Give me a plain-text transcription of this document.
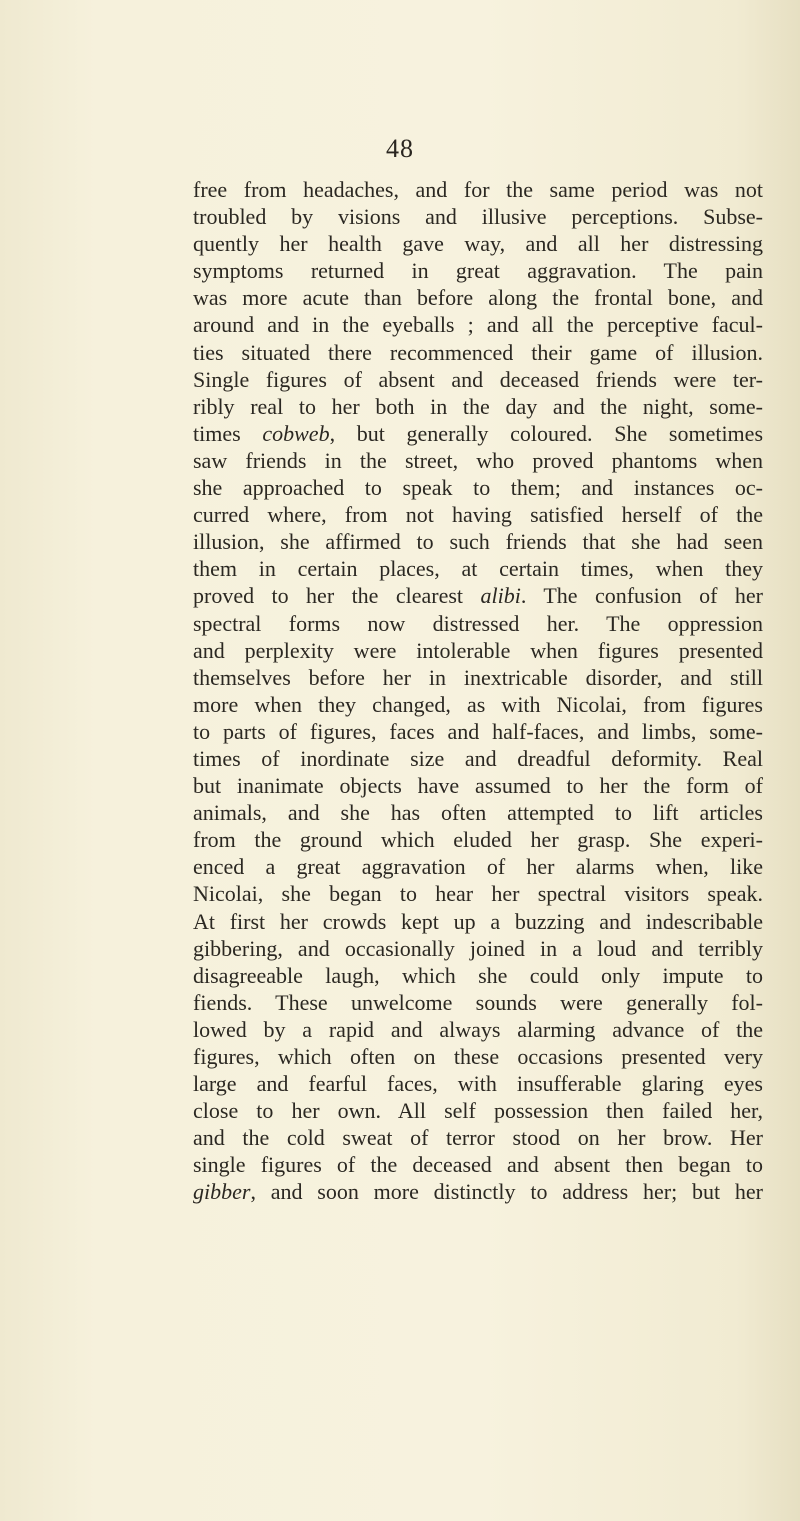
48
free from headaches, and for the same period was not
troubled by visions and illusive perceptions. Subse-
quently her health gave way, and all her distressing
symptoms returned in great aggravation. The pain
was more acute than before along the frontal bone, and
around and in the eyeballs ; and all the perceptive facul-
ties situated there recommenced their game of illusion.
Single figures of absent and deceased friends were ter-
ribly real to her both in the day and the night, some-
times cobweb, but generally coloured. She sometimes
saw friends in the street, who proved phantoms when
she approached to speak to them; and instances oc-
curred where, from not having satisfied herself of the
illusion, she affirmed to such friends that she had seen
them in certain places, at certain times, when they
proved to her the clearest alibi. The confusion of her
spectral forms now distressed her. The oppression
and perplexity were intolerable when figures presented
themselves before her in inextricable disorder, and still
more when they changed, as with Nicolai, from figures
to parts of figures, faces and half-faces, and limbs, some-
times of inordinate size and dreadful deformity. Real
but inanimate objects have assumed to her the form of
animals, and she has often attempted to lift articles
from the ground which eluded her grasp. She experi-
enced a great aggravation of her alarms when, like
Nicolai, she began to hear her spectral visitors speak.
At first her crowds kept up a buzzing and indescribable
gibbering, and occasionally joined in a loud and terribly
disagreeable laugh, which she could only impute to
fiends. These unwelcome sounds were generally fol-
lowed by a rapid and always alarming advance of the
figures, which often on these occasions presented very
large and fearful faces, with insufferable glaring eyes
close to her own. All self possession then failed her,
and the cold sweat of terror stood on her brow. Her
single figures of the deceased and absent then began to
gibber, and soon more distinctly to address her; but her
